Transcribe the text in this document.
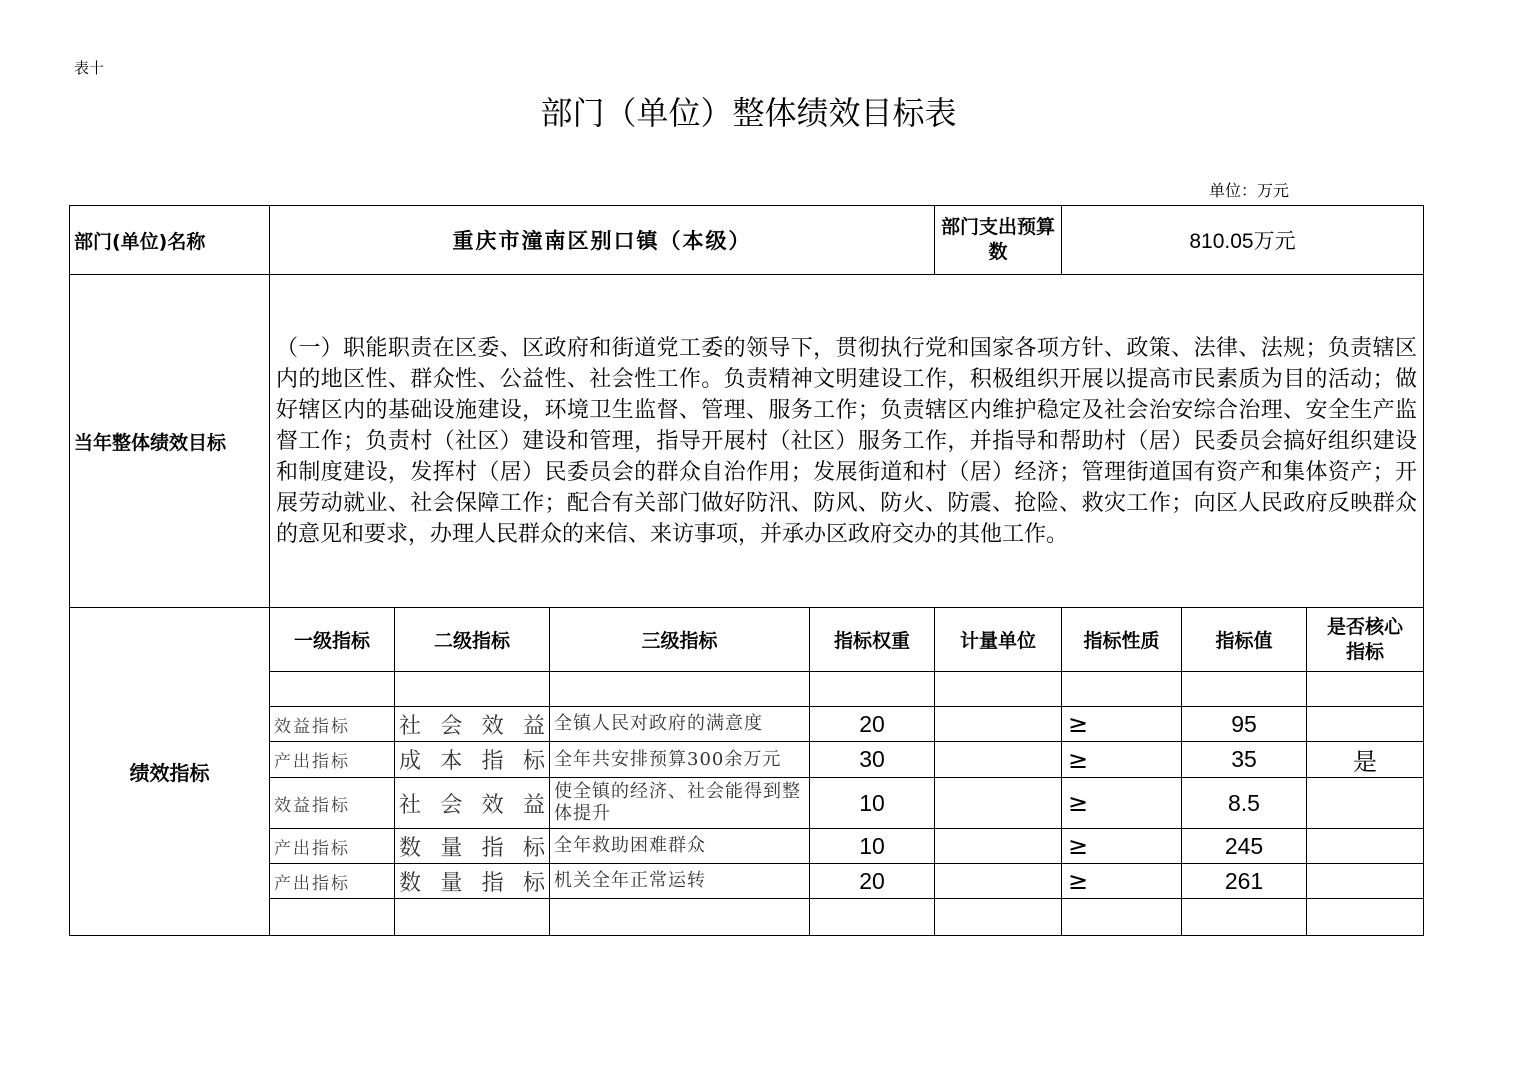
表十
部门（单位）整体绩效目标表
单位：万元
部门(单位)名称	重庆市潼南区别口镇（本级）				部门支出预算数	810.05万元		
当年整体绩效目标	（一）职能职责在区委、区政府和街道党工委的领导下，贯彻执行党和国家各项方针、政策、法律、法规；负责辖区内的地区性、群众性、公益性、社会性工作。负责精神文明建设工作，积极组织开展以提高市民素质为目的活动；做好辖区内的基础设施建设，环境卫生监督、管理、服务工作；负责辖区内维护稳定及社会治安综合治理、安全生产监督工作；负责村（社区）建设和管理，指导开展村（社区）服务工作，并指导和帮助村（居）民委员会搞好组织建设和制度建设，发挥村（居）民委员会的群众自治作用；发展街道和村（居）经济；管理街道国有资产和集体资产；开展劳动就业、社会保障工作；配合有关部门做好防汛、防风、防火、防震、抢险、救灾工作；向区人民政府反映群众的意见和要求，办理人民群众的来信、来访事项，并承办区政府交办的其他工作。							
绩效指标	一级指标	二级指标	三级指标	指标权重	计量单位	指标性质	指标值	是否核心指标

	效益指标	社会效益	全镇人民对政府的满意度	20		≥	95	
	产出指标	成本指标	全年共安排预算300余万元	30		≥	35	是
	效益指标	社会效益	使全镇的经济、社会能得到整体提升	10		≥	8.5	
	产出指标	数量指标	全年救助困难群众	10		≥	245	
	产出指标	数量指标	机关全年正常运转	20		≥	261	
